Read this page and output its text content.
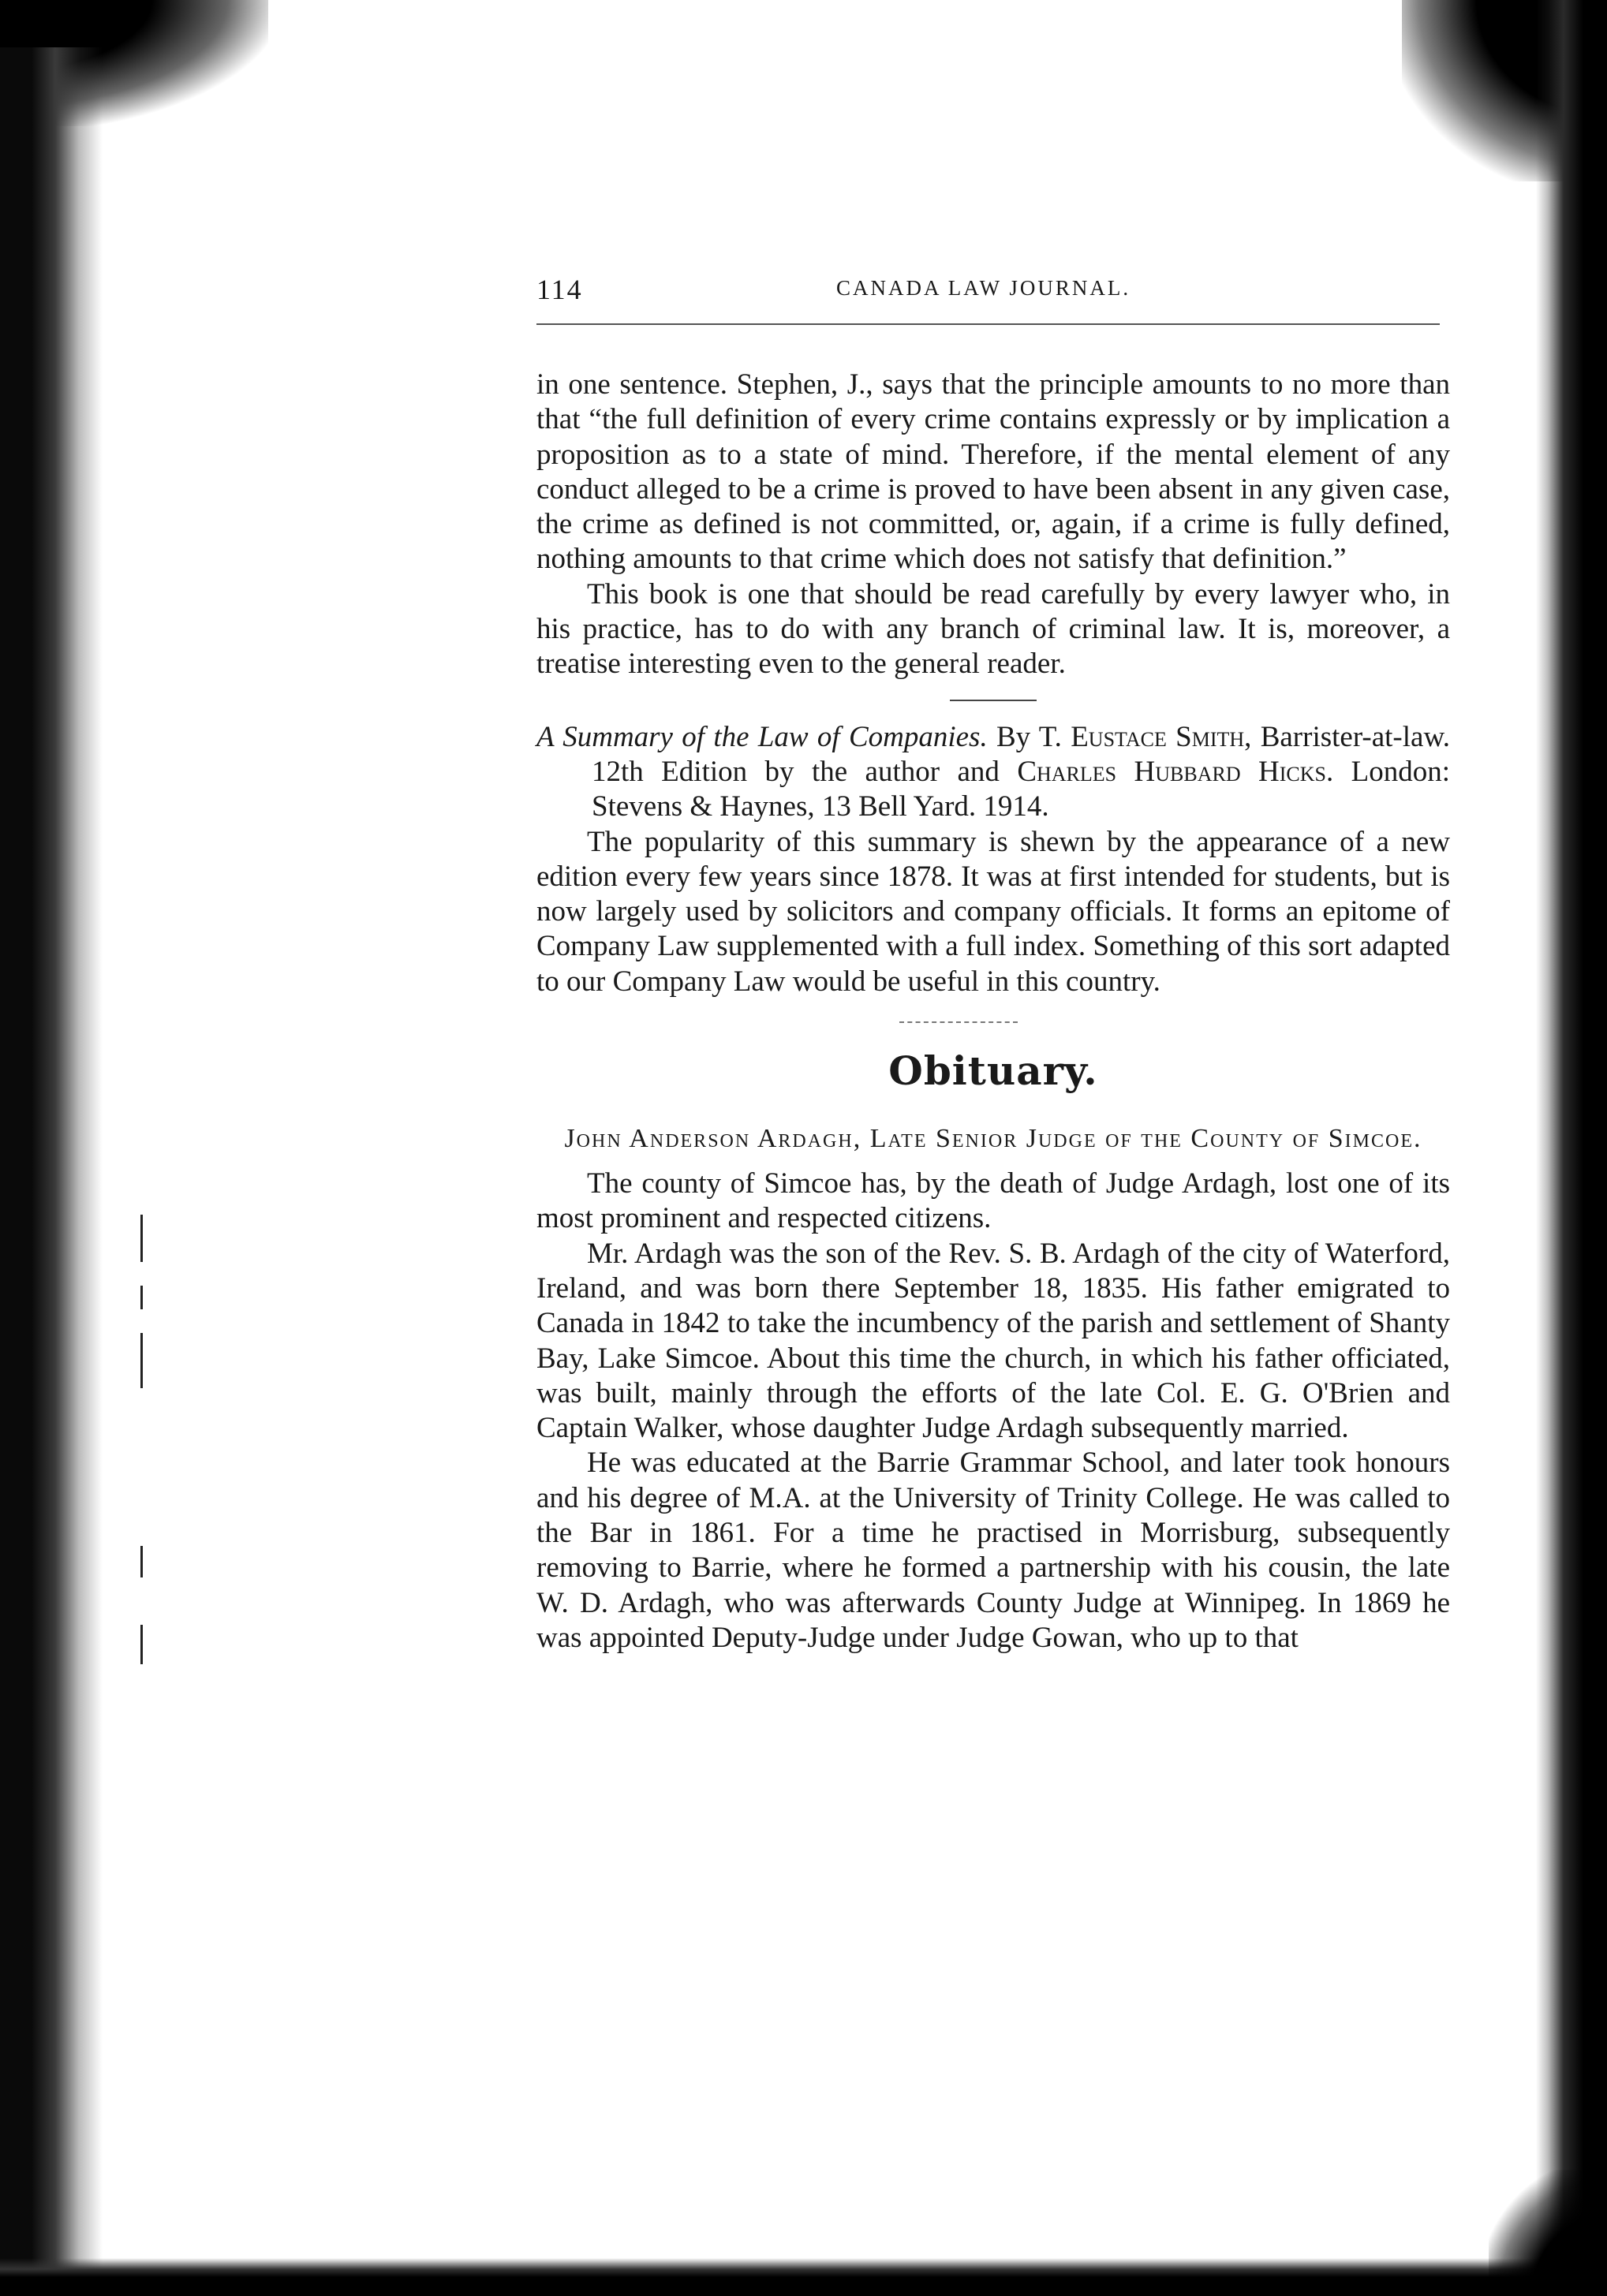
114	CANADA LAW JOURNAL.

in one sentence. Stephen, J., says that the principle amounts to no more than that “the full definition of every crime contains expressly or by implication a proposition as to a state of mind. Therefore, if the mental element of any conduct alleged to be a crime is proved to have been absent in any given case, the crime as defined is not committed, or, again, if a crime is fully defined, nothing amounts to that crime which does not satisfy that definition.”

This book is one that should be read carefully by every lawyer who, in his practice, has to do with any branch of criminal law. It is, moreover, a treatise interesting even to the general reader.

A Summary of the Law of Companies. By T. Eustace Smith, Barrister-at-law. 12th Edition by the author and Charles Hubbard Hicks. London: Stevens & Haynes, 13 Bell Yard. 1914.

The popularity of this summary is shewn by the appearance of a new edition every few years since 1878. It was at first intended for students, but is now largely used by solicitors and company officials. It forms an epitome of Company Law supplemented with a full index. Something of this sort adapted to our Company Law would be useful in this country.

Obituary.
John Anderson Ardagh, Late Senior Judge of the County of Simcoe.

The county of Simcoe has, by the death of Judge Ardagh, lost one of its most prominent and respected citizens.

Mr. Ardagh was the son of the Rev. S. B. Ardagh of the city of Waterford, Ireland, and was born there September 18, 1835. His father emigrated to Canada in 1842 to take the incumbency of the parish and settlement of Shanty Bay, Lake Simcoe. About this time the church, in which his father officiated, was built, mainly through the efforts of the late Col. E. G. O'Brien and Captain Walker, whose daughter Judge Ardagh subsequently married.

He was educated at the Barrie Grammar School, and later took honours and his degree of M.A. at the University of Trinity College. He was called to the Bar in 1861. For a time he practised in Morrisburg, subsequently removing to Barrie, where he formed a partnership with his cousin, the late W. D. Ardagh, who was afterwards County Judge at Winnipeg. In 1869 he was appointed Deputy-Judge under Judge Gowan, who up to that
